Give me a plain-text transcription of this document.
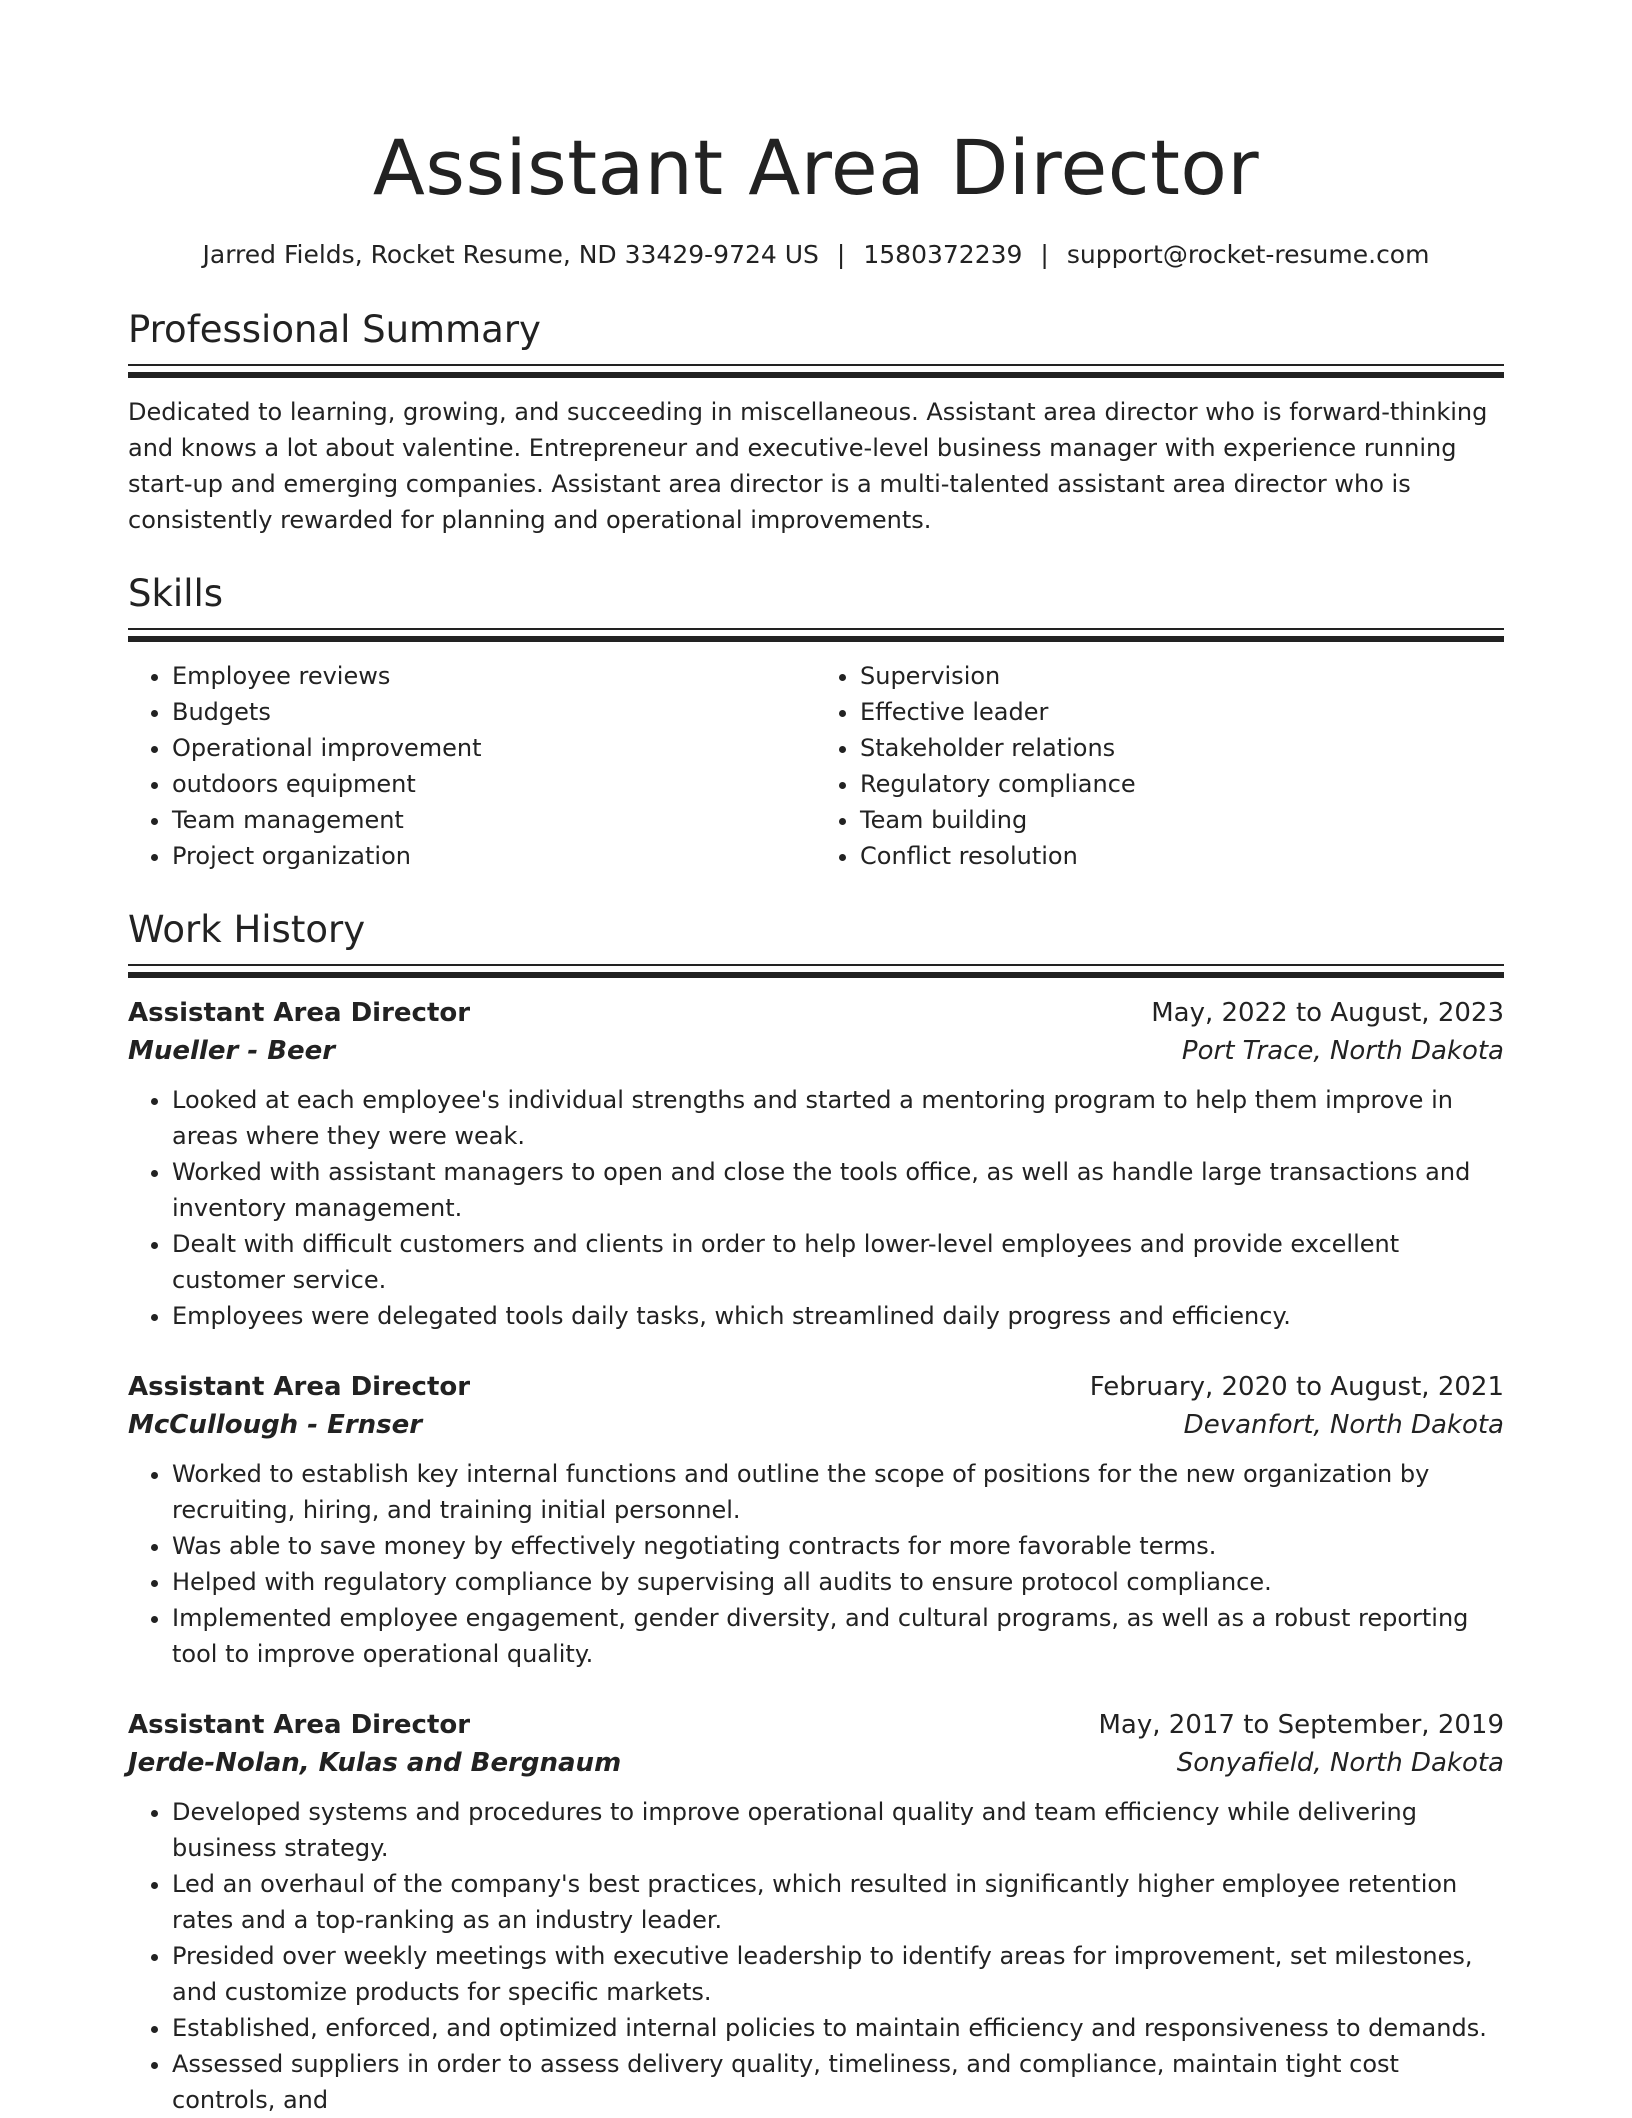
Assistant Area Director
Jarred Fields, Rocket Resume, ND 33429-9724 US | 1580372239 | support@rocket-resume.com
Professional Summary

Dedicated to learning, growing, and succeeding in miscellaneous. Assistant area director who is forward-thinking and knows a lot about valentine. Entrepreneur and executive-level business manager with experience running start-up and emerging companies. Assistant area director is a multi-talented assistant area director who is consistently rewarded for planning and operational improvements.

Skills
• Employee reviews
• Budgets
• Operational improvement
• outdoors equipment
• Team management
• Project organization
• Supervision
• Effective leader
• Stakeholder relations
• Regulatory compliance
• Team building
• Conflict resolution
Work History
Assistant Area Director	May, 2022 to August, 2023
Mueller - Beer	Port Trace, North Dakota
• Looked at each employee's individual strengths and started a mentoring program to help them improve in areas where they were weak.
• Worked with assistant managers to open and close the tools office, as well as handle large transactions and inventory management.
• Dealt with difficult customers and clients in order to help lower-level employees and provide excellent customer service.
• Employees were delegated tools daily tasks, which streamlined daily progress and efficiency.
Assistant Area Director	February, 2020 to August, 2021
McCullough - Ernser	Devanfort, North Dakota
• Worked to establish key internal functions and outline the scope of positions for the new organization by recruiting, hiring, and training initial personnel.
• Was able to save money by effectively negotiating contracts for more favorable terms.
• Helped with regulatory compliance by supervising all audits to ensure protocol compliance.
• Implemented employee engagement, gender diversity, and cultural programs, as well as a robust reporting tool to improve operational quality.
Assistant Area Director	May, 2017 to September, 2019
Jerde-Nolan, Kulas and Bergnaum	Sonyafield, North Dakota
• Developed systems and procedures to improve operational quality and team efficiency while delivering business strategy.
• Led an overhaul of the company's best practices, which resulted in significantly higher employee retention rates and a top-ranking as an industry leader.
• Presided over weekly meetings with executive leadership to identify areas for improvement, set milestones, and customize products for specific markets.
• Established, enforced, and optimized internal policies to maintain efficiency and responsiveness to demands.
• Assessed suppliers in order to assess delivery quality, timeliness, and compliance, maintain tight cost controls, and
